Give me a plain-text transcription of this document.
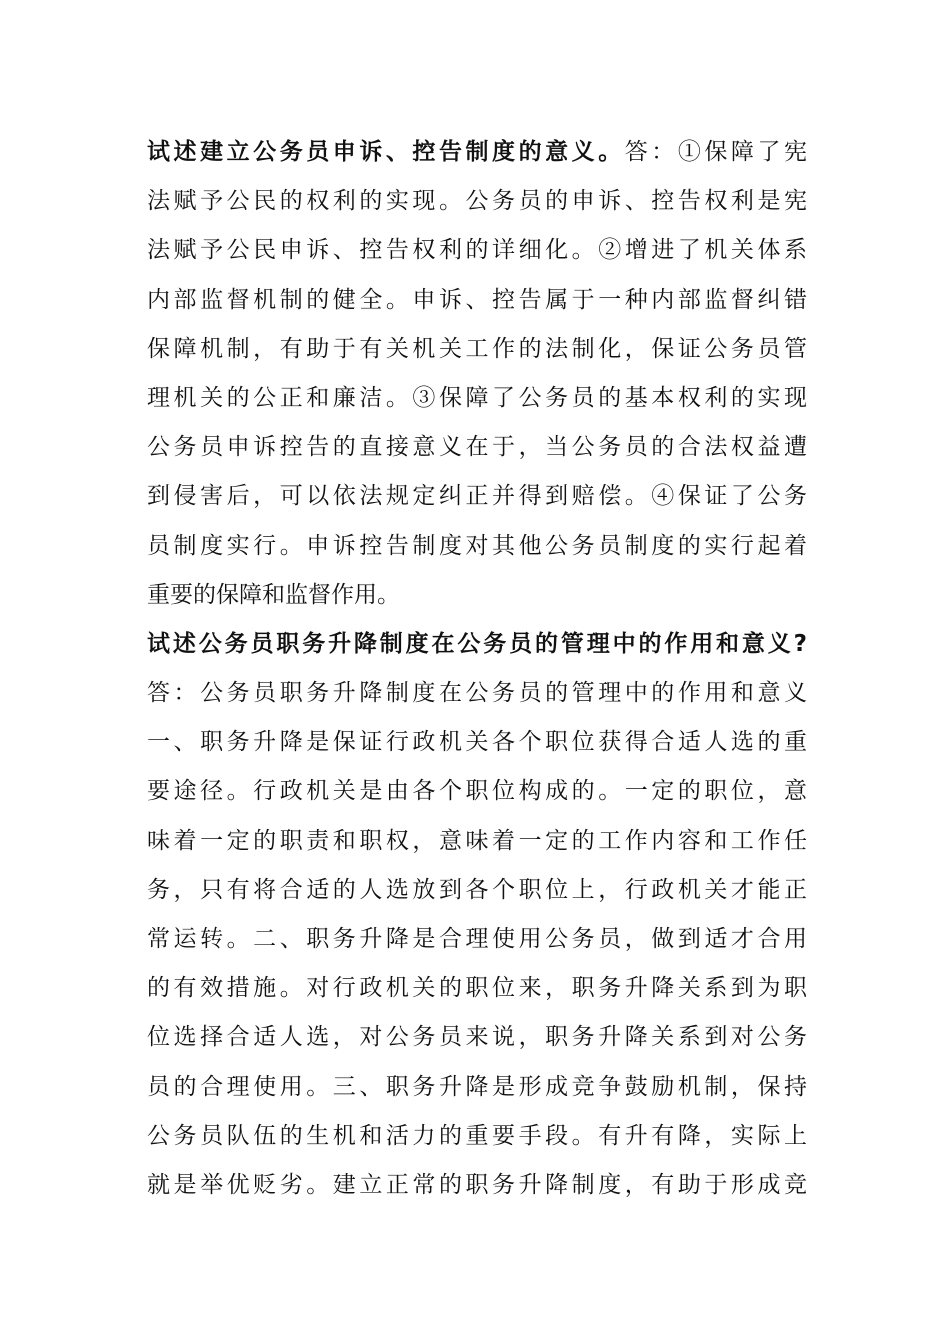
试述建立公务员申诉、控告制度的意义。答：①保障了宪
法赋予公民的权利的实现。公务员的申诉、控告权利是宪
法赋予公民申诉、控告权利的详细化。②增进了机关体系
内部监督机制的健全。申诉、控告属于一种内部监督纠错
保障机制，有助于有关机关工作的法制化，保证公务员管
理机关的公正和廉洁。③保障了公务员的基本权利的实现
公务员申诉控告的直接意义在于，当公务员的合法权益遭
到侵害后，可以依法规定纠正并得到赔偿。④保证了公务
员制度实行。申诉控告制度对其他公务员制度的实行起着
重要的保障和监督作用。
试述公务员职务升降制度在公务员的管理中的作用和意义?
答：公务员职务升降制度在公务员的管理中的作用和意义
一、职务升降是保证行政机关各个职位获得合适人选的重
要途径。行政机关是由各个职位构成的。一定的职位，意
味着一定的职责和职权，意味着一定的工作内容和工作任
务，只有将合适的人选放到各个职位上，行政机关才能正
常运转。二、职务升降是合理使用公务员，做到适才合用
的有效措施。对行政机关的职位来，职务升降关系到为职
位选择合适人选，对公务员来说，职务升降关系到对公务
员的合理使用。三、职务升降是形成竞争鼓励机制，保持
公务员队伍的生机和活力的重要手段。有升有降，实际上
就是举优贬劣。建立正常的职务升降制度，有助于形成竞
